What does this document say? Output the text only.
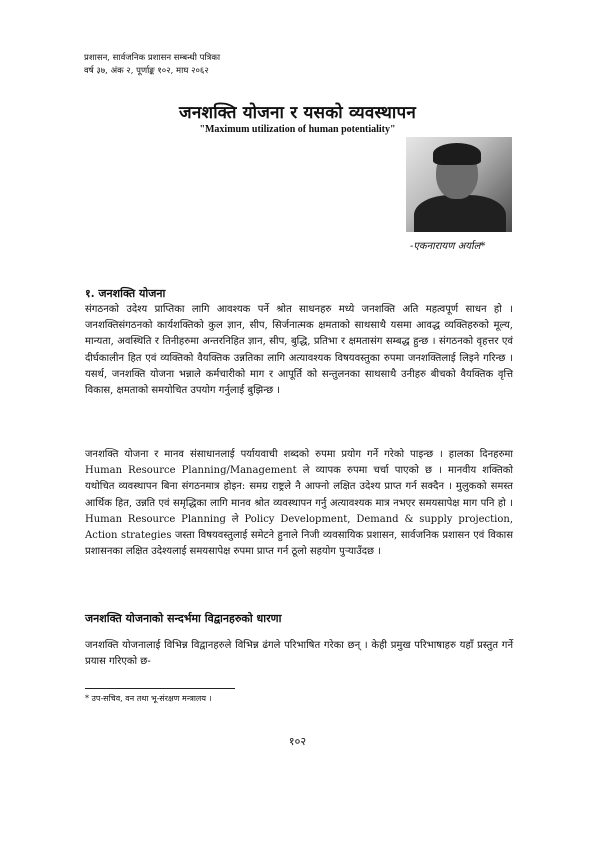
प्रशासन, सार्वजनिक प्रशासन सम्बन्धी पत्रिका
वर्ष ३७, अंक २, पूर्णाङ्क १०२, माघ २०६२
जनशक्ति योजना र यसको व्यवस्थापन
"Maximum utilization of human potentiality"
-एकनारायण अर्याल*
१. जनशक्ति योजना
संगठनको उदेश्य प्राप्तिका लागि आवश्यक पर्ने श्रोत साधनहरु मध्ये जनशक्ति अति महत्वपूर्ण साधन हो । जनशक्तिसंगठनको कार्यशक्तिको कुल ज्ञान, सीप, सिर्जनात्मक क्षमताको साथसाथै यसमा आवद्ध व्यक्तिहरुको मूल्य, मान्यता, अवस्थिति र तिनीहरुमा अन्तरनिहित ज्ञान, सीप, बुद्धि, प्रतिभा र क्षमतासंग सम्बद्ध हुन्छ । संगठनको वृहत्तर एवं दीर्घकालीन हित एवं व्यक्तिको वैयक्तिक उन्नतिका लागि अत्यावश्यक विषयवस्तुका रुपमा जनशक्तिलाई लिइने गरिन्छ । यसर्थ, जनशक्ति योजना भन्नाले कर्मचारीको माग र आपूर्ति को सन्तुलनका साथसाथै उनीहरु बीचको वैयक्तिक वृत्ति विकास, क्षमताको समयोचित उपयोग गर्नुलाई बुझिन्छ ।
जनशक्ति योजना र मानव संसाधानलाई पर्यायवाची शब्दको रुपमा प्रयोग गर्ने गरेको पाइन्छ । हालका दिनहरुमा Human Resource Planning/Management ले व्यापक रुपमा चर्चा पाएको छ । मानवीय शक्तिको यथोचित व्यवस्थापन बिना संगठनमात्र होइन: समग्र राष्ट्रले नै आफ्नो लक्षित उदेश्य प्राप्त गर्न सक्दैन । मुलुकको समस्त आर्थिक हित, उन्नति एवं समृद्धिका लागि मानव श्रोत व्यवस्थापन गर्नु अत्यावश्यक मात्र नभएर समयसापेक्ष माग पनि हो । Human Resource Planning ले Policy Development, Demand & supply projection, Action strategies जस्ता विषयवस्तुलाई समेटने हुनाले निजी व्यवसायिक प्रशासन, सार्वजनिक प्रशासन एवं विकास प्रशासनका लक्षित उदेश्यलाई समयसापेक्ष रुपमा प्राप्त गर्न ठूलो सहयोग पुऱ्याउँदछ ।
जनशक्ति योजनाको सन्दर्भमा विद्वानहरुको धारणा
जनशक्ति योजनालाई विभिन्न विद्वानहरुले विभिन्न ढंगले परिभाषित गरेका छन् । केही प्रमुख परिभाषाहरु यहाँ प्रस्तुत गर्ने प्रयास गरिएको छ-
* उप-सचिव, वन तथा भू-संरक्षण मन्त्रालय ।
१०२
